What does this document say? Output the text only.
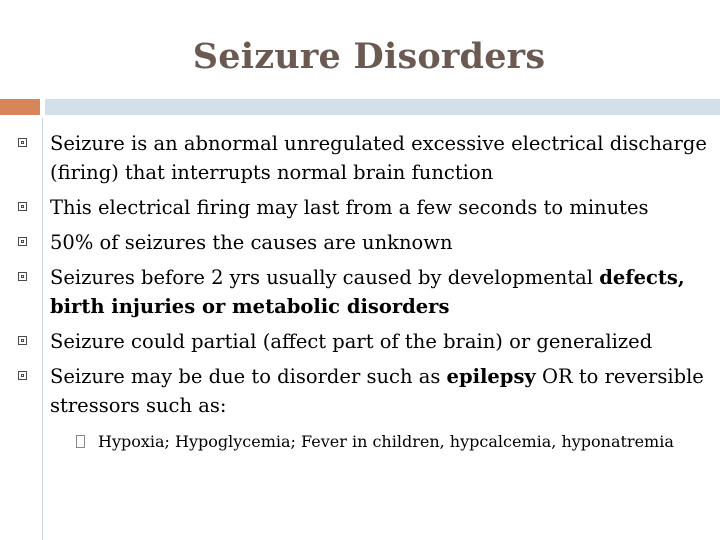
Seizure Disorders
Seizure is an abnormal unregulated excessive electrical discharge (firing) that interrupts normal brain function
This electrical firing may last from a few seconds to minutes
50% of seizures the causes are unknown
Seizures before 2 yrs usually caused by developmental defects, birth injuries or metabolic disorders
Seizure could partial (affect part of the brain) or generalized
Seizure may be due to disorder such as epilepsy OR to reversible stressors such as:
Hypoxia; Hypoglycemia; Fever in children, hypcalcemia, hyponatremia
